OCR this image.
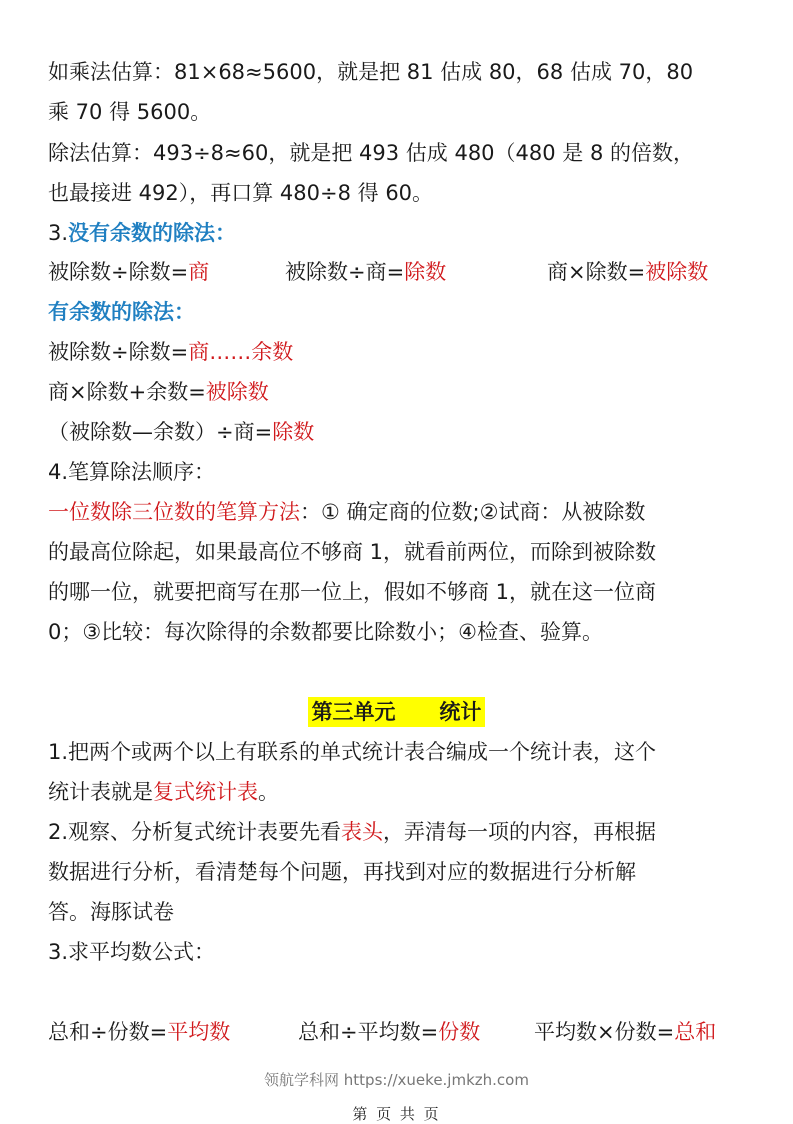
如乘法估算：81×68≈5600，就是把 81 估成 80，68 估成 70，80
乘 70 得 5600。
除法估算：493÷8≈60，就是把 493 估成 480（480 是 8 的倍数，
也最接进 492），再口算 480÷8 得 60。
3.没有余数的除法：
被除数÷除数=商	被除数÷商=除数	商×除数=被除数
有余数的除法：
被除数÷除数=商……余数
商×除数+余数=被除数
（被除数—余数）÷商=除数
4.笔算除法顺序：
一位数除三位数的笔算方法：① 确定商的位数;②试商：从被除数
的最高位除起，如果最高位不够商 1，就看前两位，而除到被除数
的哪一位，就要把商写在那一位上，假如不够商 1，就在这一位商
0；③比较：每次除得的余数都要比除数小；④检查、验算。
第三单元      统计
1.把两个或两个以上有联系的单式统计表合编成一个统计表，这个
统计表就是复式统计表。
2.观察、分析复式统计表要先看表头，弄清每一项的内容，再根据
数据进行分析，看清楚每个问题，再找到对应的数据进行分析解
答。海豚试卷
3.求平均数公式：
总和÷份数=平均数	总和÷平均数=份数	平均数×份数=总和
领航学科网 https://xueke.jmkzh.com
第 页 共 页
